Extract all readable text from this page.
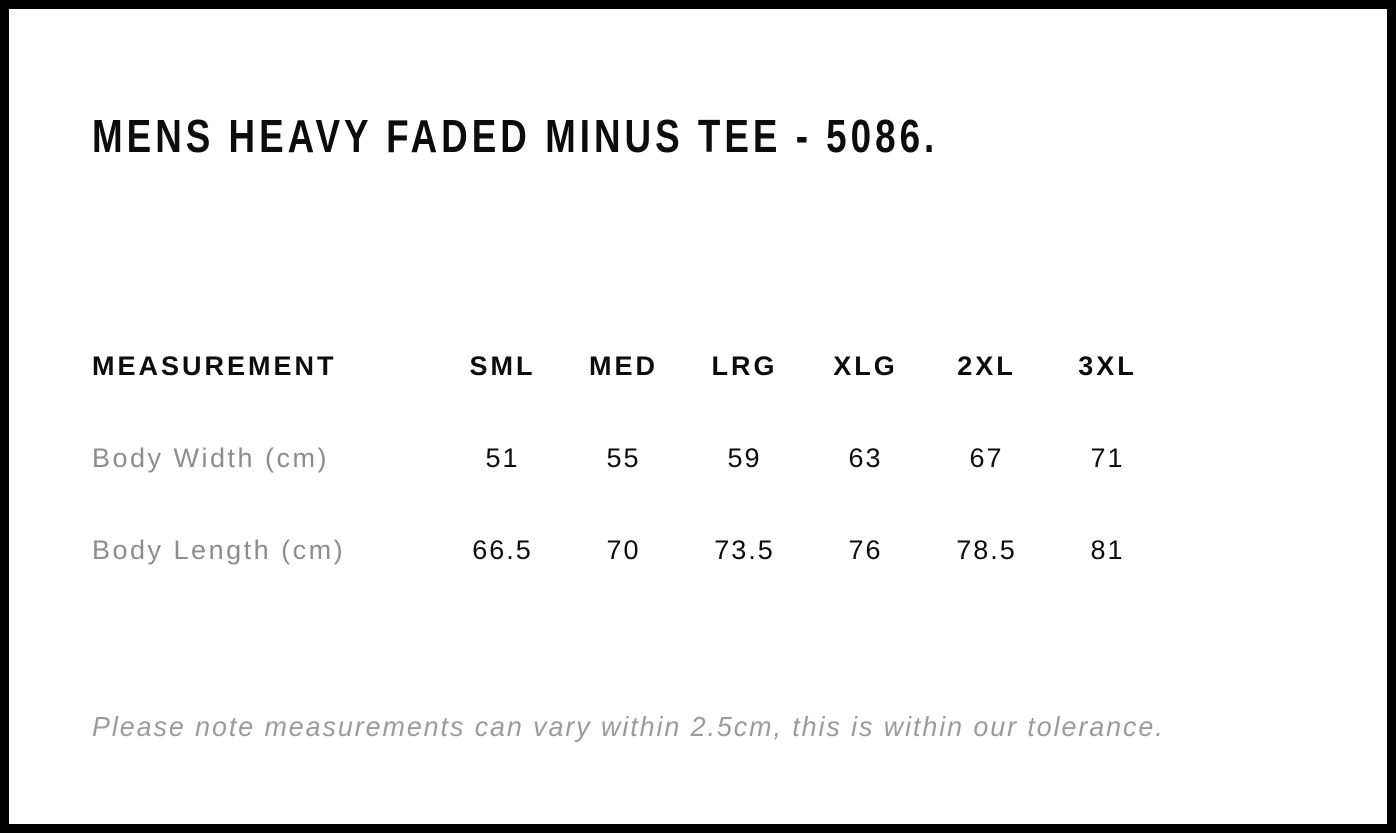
MENS HEAVY FADED MINUS TEE - 5086.
MEASUREMENT	SML	MED	LRG	XLG	2XL	3XL
Body Width (cm)	51	55	59	63	67	71
Body Length (cm)	66.5	70	73.5	76	78.5	81

Please note measurements can vary within 2.5cm, this is within our tolerance.
